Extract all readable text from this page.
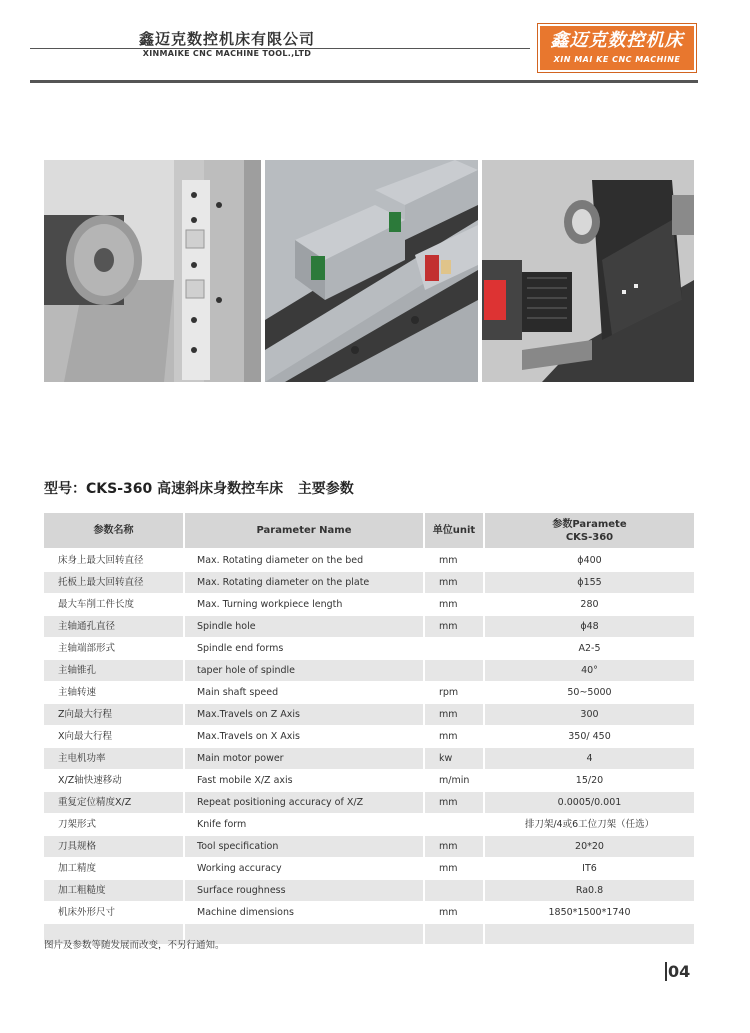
鑫迈克数控机床有限公司
XINMAIKE CNC MACHINE TOOL.,LTD
鑫迈克数控机床
XIN MAI KE CNC MACHINE
型号：CKS-360 高速斜床身数控车床   主要参数
参数名称	Parameter Name	单位unit	参数Paramete
CKS-360

床身上最大回转直径	Max. Rotating diameter on the bed	mm	ϕ400
托板上最大回转直径	Max. Rotating diameter on the plate	mm	ϕ155
最大车削工件长度	Max. Turning workpiece length	mm	280
主轴通孔直径	Spindle hole	mm	ϕ48
主轴端部形式	Spindle end forms		A2-5
主轴锥孔	taper hole of spindle		40°
主轴转速	Main shaft speed	rpm	50~5000
Z向最大行程	Max.Travels on Z Axis	mm	300
X向最大行程	Max.Travels on X Axis	mm	350/ 450
主电机功率	Main motor power	kw	4
X/Z轴快速移动	Fast mobile X/Z axis	m/min	15/20
重复定位精度X/Z	Repeat positioning accuracy of X/Z	mm	0.0005/0.001
刀架形式	Knife form		排刀架/4或6工位刀架（任选）
刀具规格	Tool specification	mm	20*20
加工精度	Working accuracy	mm	IT6
加工粗糙度	Surface roughness		Ra0.8
机床外形尺寸	Machine dimensions	mm	1850*1500*1740

图片及参数等随发展而改变，不另行通知。
04
